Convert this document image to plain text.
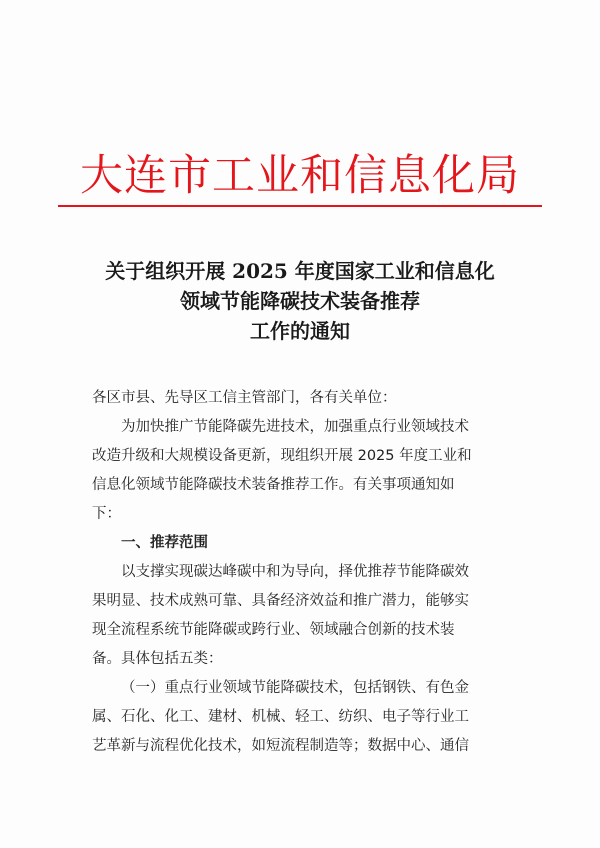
大连市工业和信息化局
关于组织开展 2025 年度国家工业和信息化
领域节能降碳技术装备推荐
工作的通知
各区市县、先导区工信主管部门，各有关单位：
为加快推广节能降碳先进技术，加强重点行业领域技术
改造升级和大规模设备更新，现组织开展 2025 年度工业和
信息化领域节能降碳技术装备推荐工作。有关事项通知如
下：
一、推荐范围
以支撑实现碳达峰碳中和为导向，择优推荐节能降碳效
果明显、技术成熟可靠、具备经济效益和推广潜力，能够实
现全流程系统节能降碳或跨行业、领域融合创新的技术装
备。具体包括五类：
（一）重点行业领域节能降碳技术，包括钢铁、有色金
属、石化、化工、建材、机械、轻工、纺织、电子等行业工
艺革新与流程优化技术，如短流程制造等；数据中心、通信
